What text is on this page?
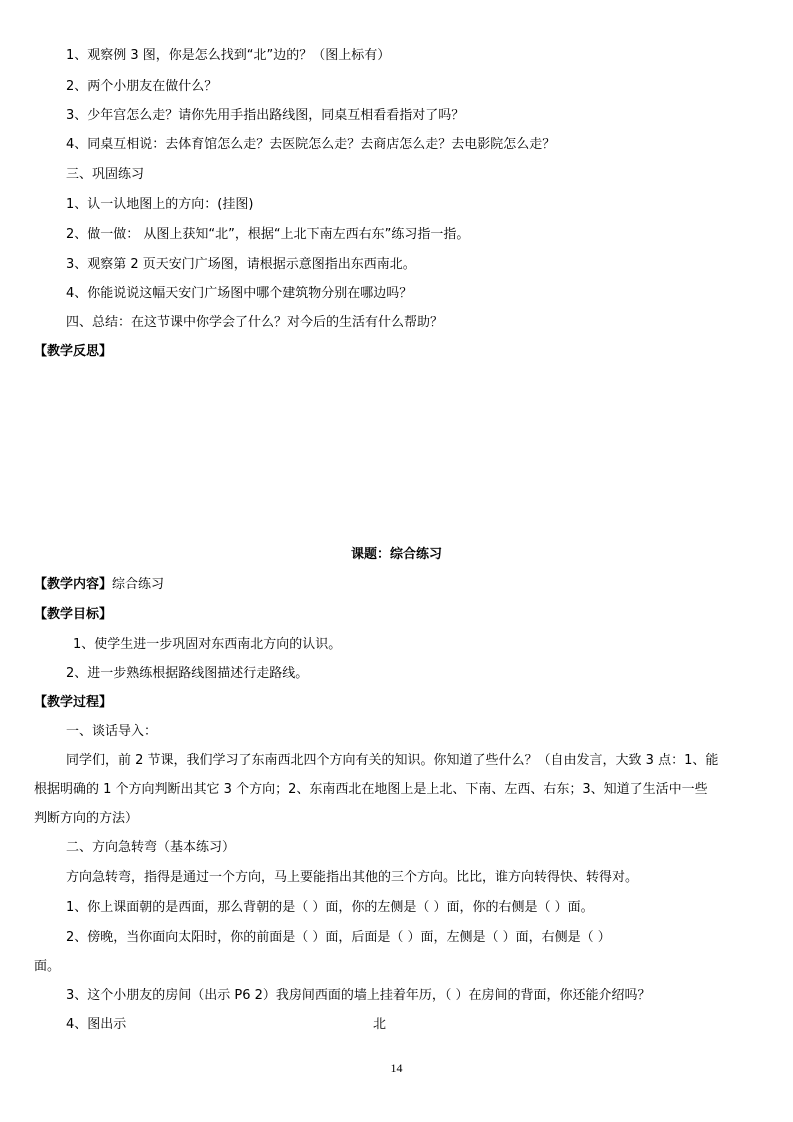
1、观察例 3 图，你是怎么找到“北”边的？（图上标有）
2、两个小朋友在做什么？
3、少年宫怎么走？请你先用手指出路线图，同桌互相看看指对了吗？
4、同桌互相说：去体育馆怎么走？去医院怎么走？去商店怎么走？去电影院怎么走？
三、巩固练习
1、认一认地图上的方向：(挂图)
2、做一做： 从图上获知“北”，根据“上北下南左西右东”练习指一指。
3、观察第 2 页天安门广场图，请根据示意图指出东西南北。
4、你能说说这幅天安门广场图中哪个建筑物分别在哪边吗？
四、总结：在这节课中你学会了什么？对今后的生活有什么帮助？
【教学反思】
课题：综合练习
【教学内容】综合练习
【教学目标】
1、使学生进一步巩固对东西南北方向的认识。
2、进一步熟练根据路线图描述行走路线。
【教学过程】
一、谈话导入：
同学们，前 2 节课，我们学习了东南西北四个方向有关的知识。你知道了些什么？（自由发言，大致 3 点：1、能
根据明确的 1 个方向判断出其它 3 个方向；2、东南西北在地图上是上北、下南、左西、右东；3、知道了生活中一些
判断方向的方法）
二、方向急转弯（基本练习）
方向急转弯，指得是通过一个方向，马上要能指出其他的三个方向。比比，谁方向转得快、转得对。
1、你上课面朝的是西面，那么背朝的是（ ）面，你的左侧是（ ）面，你的右侧是（ ）面。
2、傍晚，当你面向太阳时，你的前面是（ ）面，后面是（ ）面，左侧是（ ）面，右侧是（ ）
面。
3、这个小朋友的房间（出示 P6 2）我房间西面的墙上挂着年历，（ ）在房间的背面，你还能介绍吗？
4、图出示	北
14
